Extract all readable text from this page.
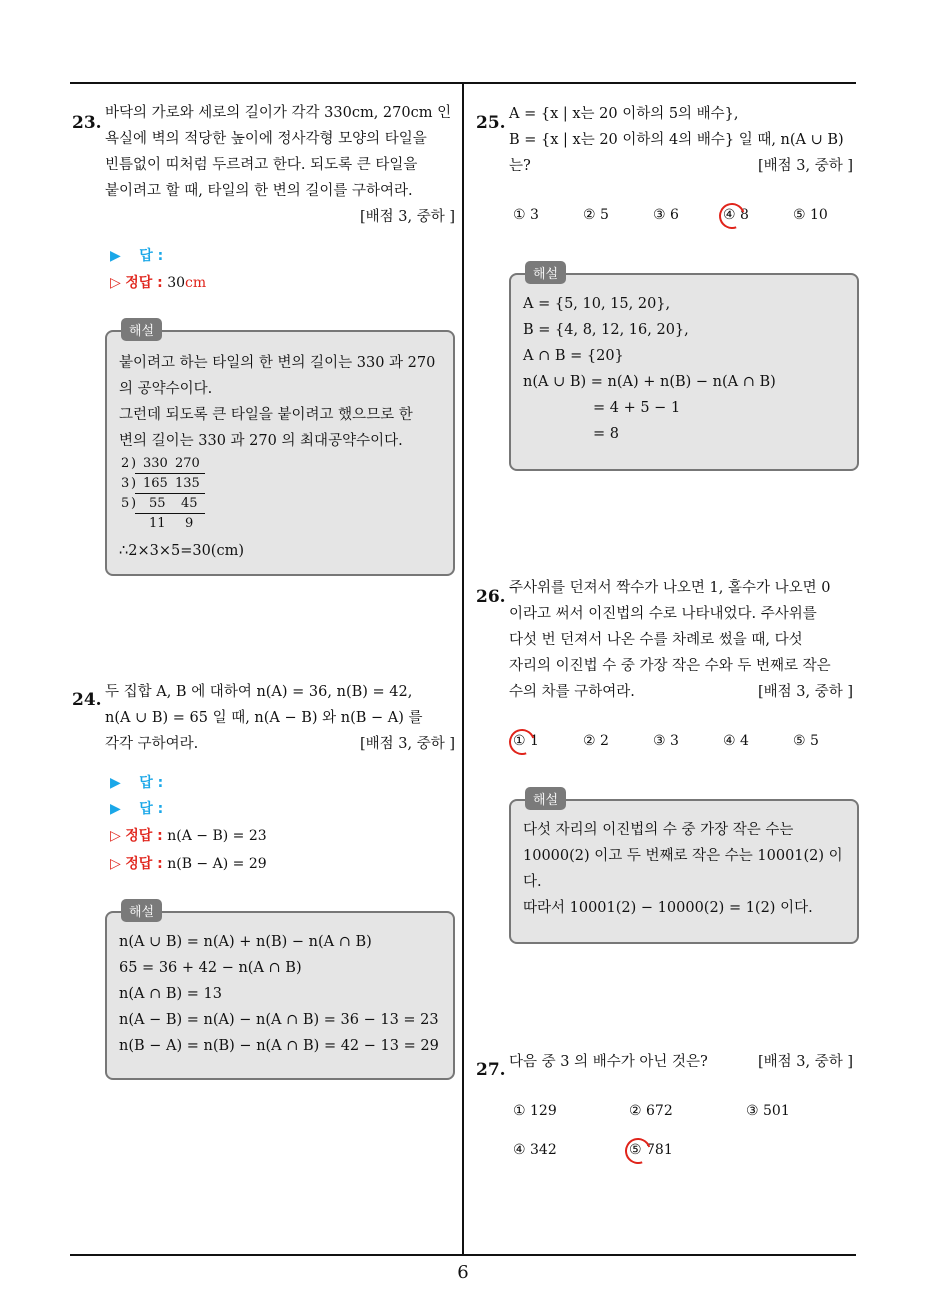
23. 바닥의 가로와 세로의 길이가 각각 330cm, 270cm 인

욕실에 벽의 적당한 높이에 정사각형 모양의 타일을

빈틈없이 띠처럼 두르려고 한다. 되도록 큰 타일을

붙이려고 할 때, 타일의 한 변의 길이를 구하여라.

[배점 3, 중하 ]

▶ 답 :
▷ 정답 : 30cm
해설

붙이려고 하는 타일의 한 변의 길이는 330 과 270

의 공약수이다.

그런데 되도록 큰 타일을 붙이려고 했으므로 한

변의 길이는 330 과 270 의 최대공약수이다.

2 ) 330 270
3 ) 165 135
5 ) 55 45
11 9

∴2×3×5=30(cm)

24. 두 집합 A, B 에 대하여 n(A) = 36, n(B) = 42,

n(A ∪ B) = 65 일 때, n(A − B) 와 n(B − A) 를

각각 구하여라.	[배점 3, 중하 ]

▶ 답 :
▶ 답 :
▷ 정답 : n(A − B) = 23
▷ 정답 : n(B − A) = 29
해설

n(A ∪ B) = n(A) + n(B) − n(A ∩ B)

65 = 36 + 42 − n(A ∩ B)

n(A ∩ B) = 13

n(A − B) = n(A) − n(A ∩ B) = 36 − 13 = 23

n(B − A) = n(B) − n(A ∩ B) = 42 − 13 = 29

25. A = {x | x는 20 이하의 5의 배수},

B = {x | x는 20 이하의 4의 배수} 일 때, n(A ∪ B)

는?	[배점 3, 중하 ]

① 3	② 5	③ 6	④ 8	⑤ 10
해설

A = {5, 10, 15, 20},

B = {4, 8, 12, 16, 20},

A ∩ B = {20}

n(A ∪ B) = n(A) + n(B) − n(A ∩ B)

= 4 + 5 − 1

= 8

26. 주사위를 던져서 짝수가 나오면 1, 홀수가 나오면 0

이라고 써서 이진법의 수로 나타내었다. 주사위를

다섯 번 던져서 나온 수를 차례로 썼을 때, 다섯

자리의 이진법 수 중 가장 작은 수와 두 번째로 작은

수의 차를 구하여라.	[배점 3, 중하 ]

① 1	② 2	③ 3	④ 4	⑤ 5
해설

다섯 자리의 이진법의 수 중 가장 작은 수는

10000(2) 이고 두 번째로 작은 수는 10001(2) 이

다.

따라서 10001(2) − 10000(2) = 1(2) 이다.

27. 다음 중 3 의 배수가 아닌 것은?	[배점 3, 중하 ]

① 129	② 672	③ 501
④ 342	⑤ 781
6
